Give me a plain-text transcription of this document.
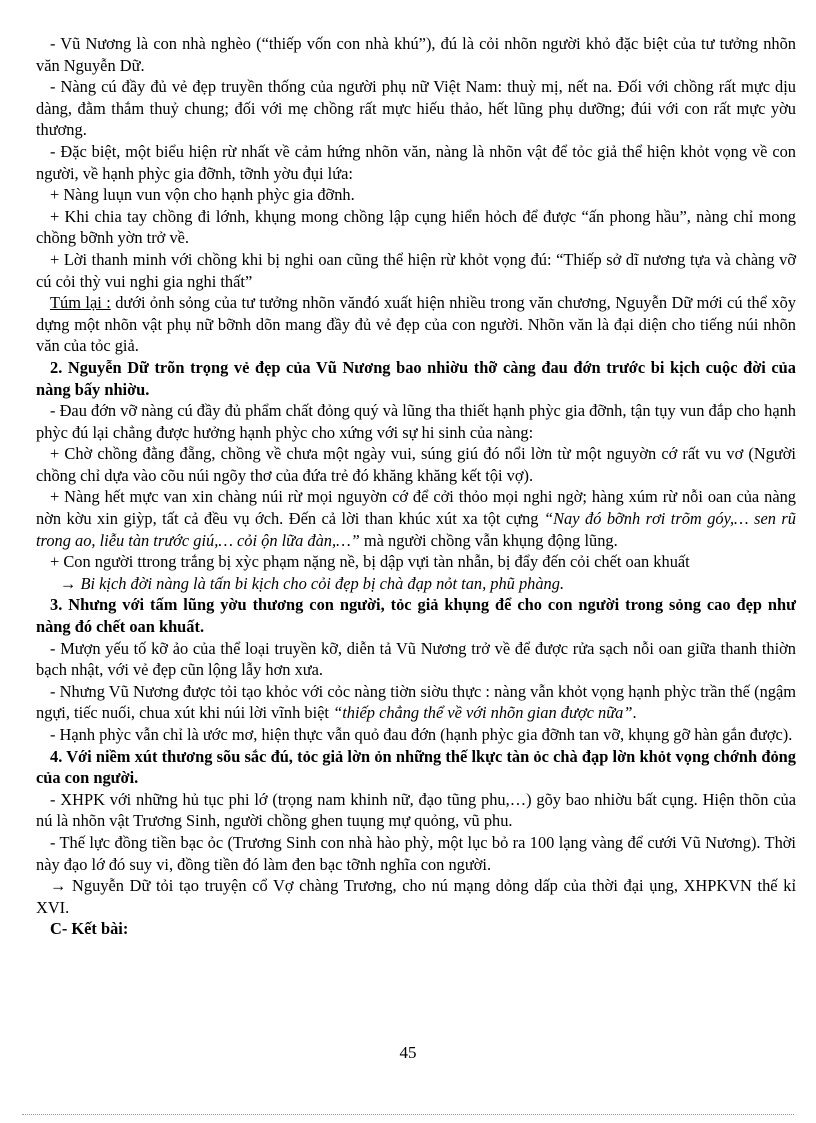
- Vũ Nương là con nhà nghèo (“thiếp vốn con nhà khú”), đú là cỏi nhõn người khỏ đặc biệt của tư tưởng nhõn văn Nguyễn Dữ.

- Nàng cú đầy đủ vẻ đẹp truyền thống của người phụ nữ Việt Nam: thuỳ mị, nết na. Đối với chồng rất mực dịu dàng, đằm thắm thuỷ chung; đối với mẹ chồng rất mực hiếu thảo, hết lũng phụ dưỡng; đúi với con rất mực yờu thương.

- Đặc biệt, một biểu hiện rừ nhất về cảm hứng nhõn văn, nàng là nhõn vật để tỏc giả thể hiện khỏt vọng về con người, về hạnh phỳc gia đỡnh, tỡnh yờu đụi lứa:

+ Nàng luụn vun vộn cho hạnh phỳc gia đỡnh.

+ Khi chia tay chồng đi lớnh, khụng mong chồng lập cụng hiển hỏch để được “ấn phong hầu”, nàng chỉ mong chồng bỡnh yờn trở về.

+ Lời thanh minh với chồng khi bị nghi oan cũng thể hiện rừ khỏt vọng đú: “Thiếp sở dĩ nương tựa và chàng vỡ cú cỏi thỳ vui nghi gia nghi thất”

Túm lại : dưới ỏnh sỏng của tư tưởng nhõn vănđó xuất hiện nhiều trong văn chương, Nguyễn Dữ mới cú thể xõy dựng một nhõn vật phụ nữ bỡnh dõn mang đầy đủ vẻ đẹp của con người. Nhõn văn là đại diện cho tiếng núi nhõn văn của tỏc giả.

2. Nguyễn Dữ trõn trọng vẻ đẹp của Vũ Nương bao nhiờu thỡ càng đau đớn trước bi kịch cuộc đời của nàng bấy nhiờu.

- Đau đớn vỡ nàng cú đầy đủ phẩm chất đỏng quý và lũng tha thiết hạnh phỳc gia đỡnh, tận tụy vun đắp cho hạnh phỳc đú lại chẳng được hưởng hạnh phỳc cho xứng với sự hi sinh của nàng:

+ Chờ chồng đằng đẵng, chồng về chưa một ngày vui, súng giú đó nổi lờn từ một nguyờn cớ rất vu vơ (Người chồng chỉ dựa vào cõu núi ngõy thơ của đứa trẻ đó khăng khăng kết tội vợ).

+ Nàng hết mực van xin chàng núi rừ mọi nguyờn cớ để cởi thỏo mọi nghi ngờ; hàng xúm rừ nỗi oan của nàng nờn kờu xin giỳp, tất cả đều vụ ớch. Đến cả lời than khúc xút xa tột cựng “Nay đó bỡnh rơi trõm góy,… sen rũ trong ao, liễu tàn trước giú,… cỏi ộn lữa đàn,…” mà người chồng vẫn khụng động lũng.

+ Con người ttrong trắng bị xỳc phạm nặng nề, bị dập vựi tàn nhẫn, bị đẩy đến cỏi chết oan khuất

→ Bi kịch đời nàng là tấn bi kịch cho cỏi đẹp bị chà đạp nỏt tan, phũ phàng.

3. Nhưng với tấm lũng yờu thương con người, tỏc giả khụng để cho con người trong sỏng cao đẹp như nàng đó chết oan khuất.

- Mượn yếu tố kỡ ảo của thể loại truyền kỡ, diễn tả Vũ Nương trở về để được rửa sạch nỗi oan giữa thanh thiờn bạch nhật, với vẻ đẹp cũn lộng lẫy hơn xưa.

- Nhưng Vũ Nương được tỏi tạo khỏc với cỏc nàng tiờn siờu thực : nàng vẫn khỏt vọng hạnh phỳc trần thế (ngậm ngựi, tiếc nuối, chua xút khi núi lời vĩnh biệt “thiếp chẳng thể về với nhõn gian được nữa”.

- Hạnh phỳc vẫn chỉ là ước mơ, hiện thực vẫn quỏ đau đớn (hạnh phỳc gia đỡnh tan vỡ, khụng gỡ hàn gắn được).

4. Với niềm xút thương sõu sắc đú, tỏc giả lờn ỏn những thế lkực tàn ỏc chà đạp lờn khỏt vọng chớnh đỏng của con người.

- XHPK với những hủ tục phi lớ (trọng nam khinh nữ, đạo tũng phu,…) gõy bao nhiờu bất cụng. Hiện thõn của nú là nhõn vật Trương Sinh, người chồng ghen tuụng mự quỏng, vũ phu.

- Thế lực đồng tiền bạc ỏc (Trương Sinh con nhà hào phỳ, một lục bỏ ra 100 lạng vàng để cưới Vũ Nương). Thời này đạo lớ đó suy vi, đồng tiền đó làm đen bạc tỡnh nghĩa con người.

→ Nguyễn Dữ tỏi tạo truyện cổ Vợ chàng Trương, cho nú mạng dỏng dấp của thời đại ụng, XHPKVN thế kỉ XVI.

C- Kết bài:

45
